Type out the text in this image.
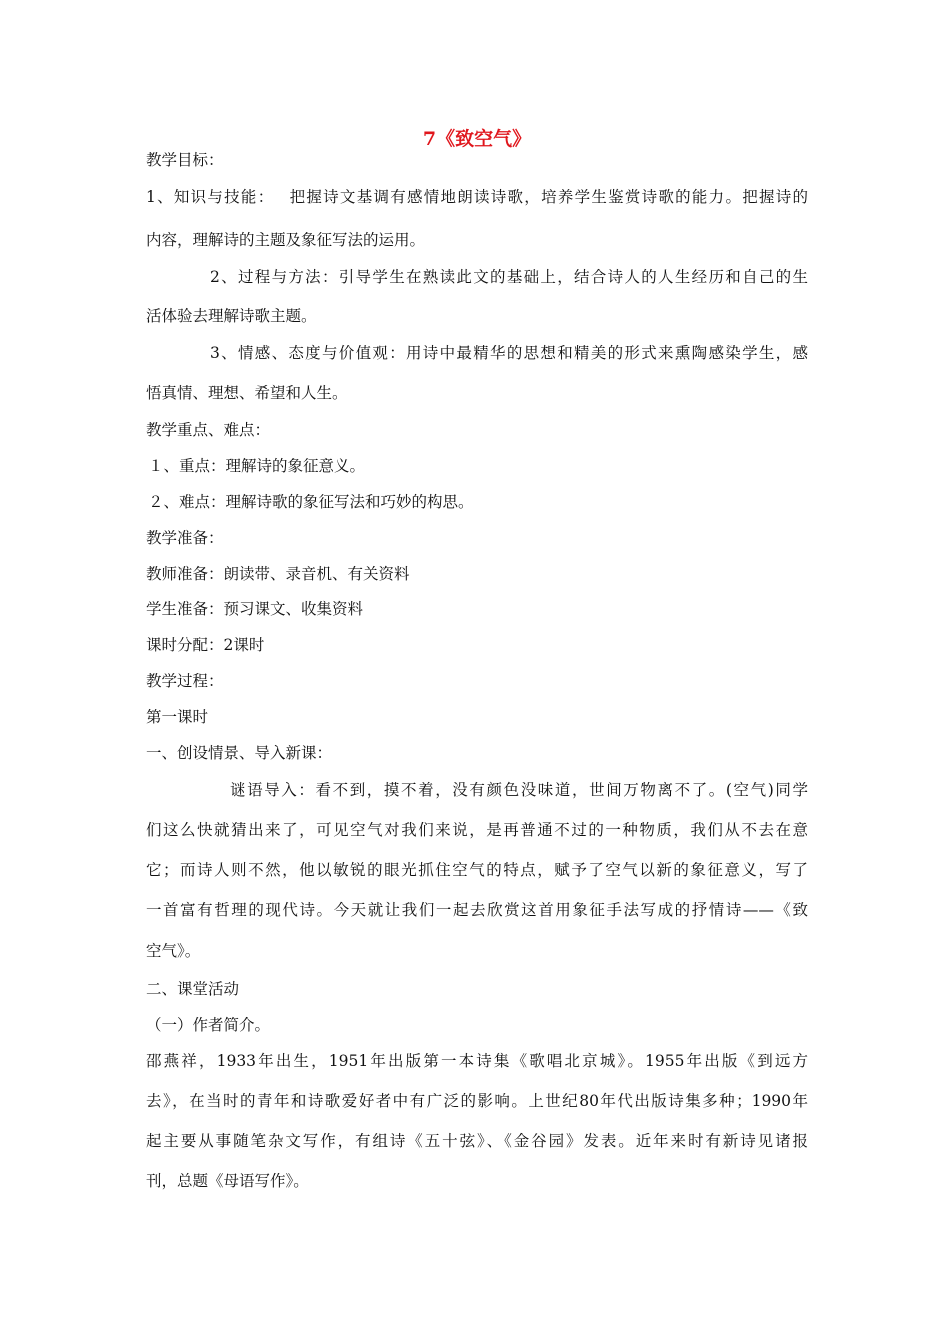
7《致空气》
教学目标：
1、知识与技能：　 把握诗文基调有感情地朗读诗歌，培养学生鉴赏诗歌的能力。把握诗的
内容，理解诗的主题及象征写法的运用。
2、过程与方法：引导学生在熟读此文的基础上，结合诗人的人生经历和自己的生
活体验去理解诗歌主题。
3、情感、态度与价值观：用诗中最精华的思想和精美的形式来熏陶感染学生，感
悟真情、理想、希望和人生。
教学重点、难点：
１、重点：理解诗的象征意义。
２、难点：理解诗歌的象征写法和巧妙的构思。
教学准备：
教师准备：朗读带、录音机、有关资料
学生准备：预习课文、收集资料
课时分配：2课时
教学过程：
第一课时
一、创设情景、导入新课：
谜语导入：看不到，摸不着，没有颜色没味道，世间万物离不了。(空气)同学
们这么快就猜出来了，可见空气对我们来说，是再普通不过的一种物质，我们从不去在意
它；而诗人则不然，他以敏锐的眼光抓住空气的特点，赋予了空气以新的象征意义，写了
一首富有哲理的现代诗。今天就让我们一起去欣赏这首用象征手法写成的抒情诗——《致
空气》。
二、课堂活动
（一）作者简介。
邵燕祥，1933年出生，1951年出版第一本诗集《歌唱北京城》。1955年出版《到远方
去》，在当时的青年和诗歌爱好者中有广泛的影响。上世纪80年代出版诗集多种；1990年
起主要从事随笔杂文写作，有组诗《五十弦》、《金谷园》发表。近年来时有新诗见诸报
刊，总题《母语写作》。
